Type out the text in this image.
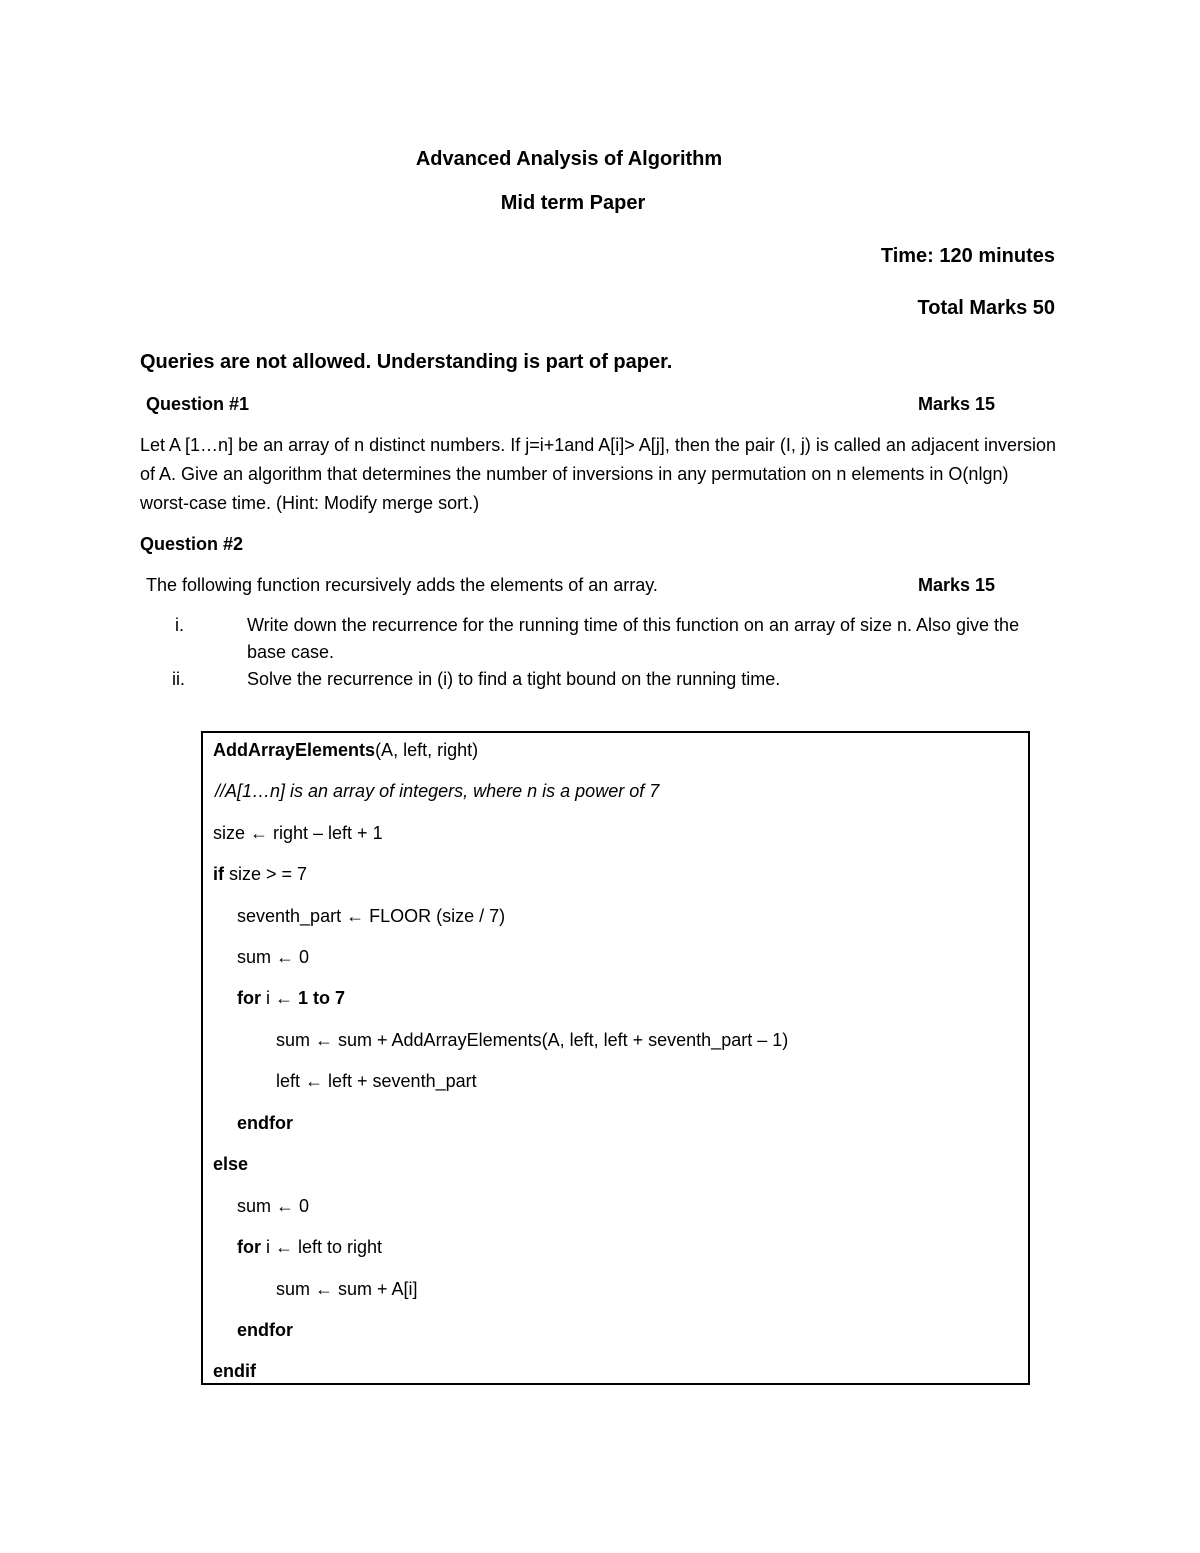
Advanced Analysis of Algorithm
Mid term Paper
Time: 120 minutes
Total Marks 50
Queries are not allowed. Understanding is part of paper.
Question #1	Marks 15
Let A [1…n] be an array of n distinct numbers. If j=i+1and A[i]> A[j], then the pair (I, j) is called an adjacent inversion of A. Give an algorithm that determines the number of inversions in any permutation on n elements in O(nlgn) worst-case time. (Hint: Modify merge sort.)
Question #2
The following function recursively adds the elements of an array.	Marks 15
i.	Write down the recurrence for the running time of this function on an array of size n. Also give the base case.
ii.	Solve the recurrence in (i) to find a tight bound on the running time.
AddArrayElements(A, left, right)
//A[1…n] is an array of integers, where n is a power of 7
size ← right – left + 1
if size > = 7
seventh_part ← FLOOR (size / 7)
sum ← 0
for i ← 1 to 7
sum ← sum + AddArrayElements(A, left, left + seventh_part – 1)
left ← left + seventh_part
endfor
else
sum ← 0
for i ← left to right
sum ← sum + A[i]
endfor
endif
